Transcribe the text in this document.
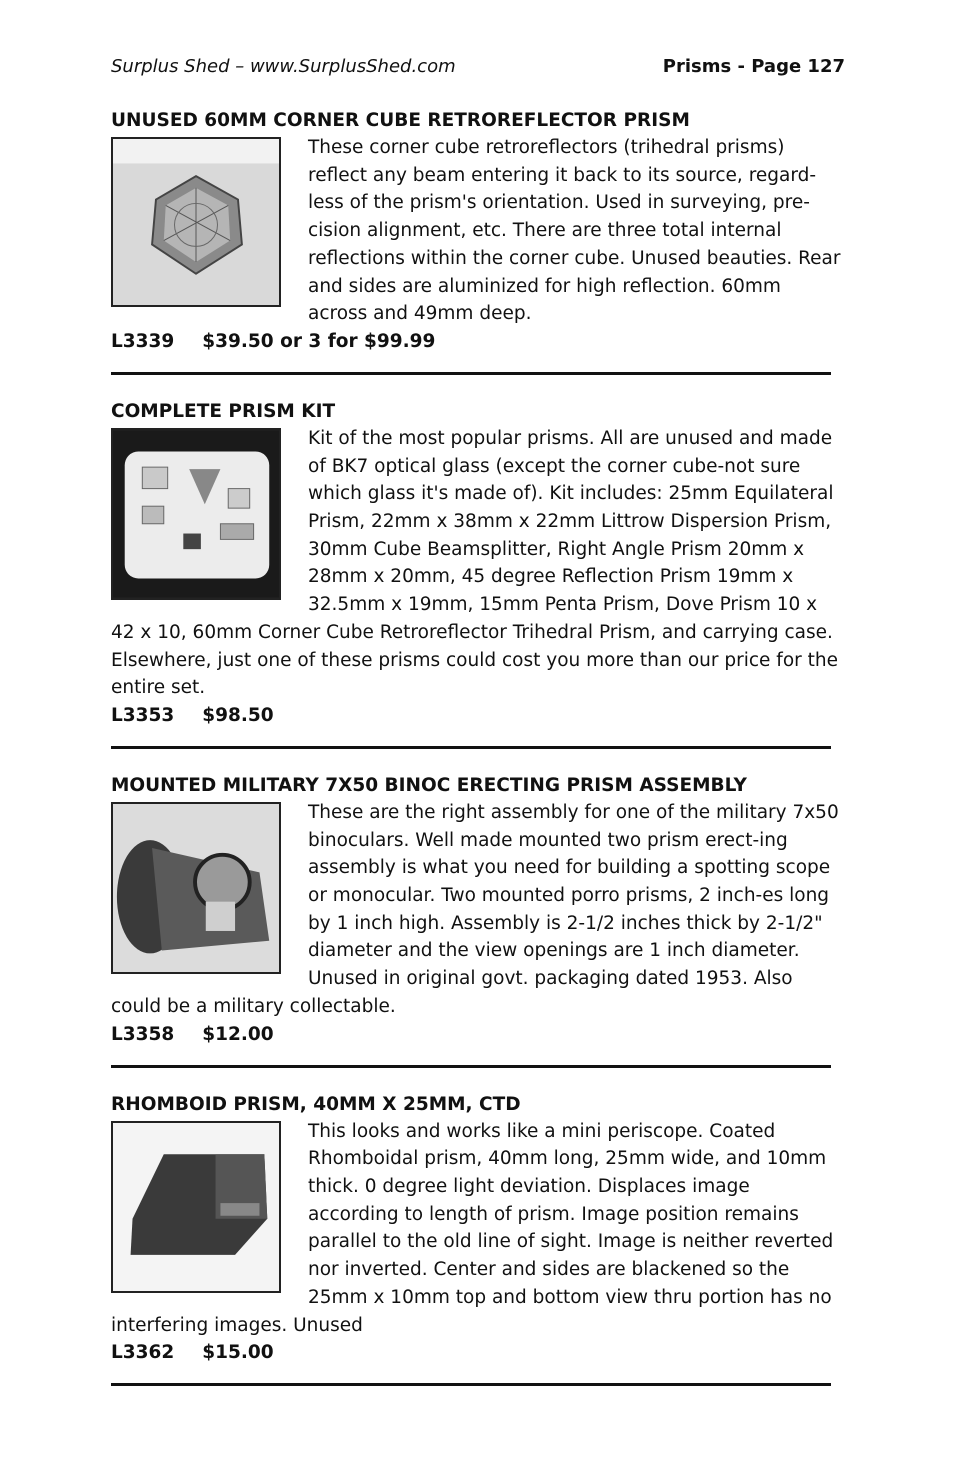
Surplus Shed – www.SurplusShed.com	Prisms - Page 127
UNUSED 60MM CORNER CUBE RETROREFLECTOR PRISM
These corner cube retroreflectors (trihedral prisms) reflect any beam entering it back to its source, regard-less of the prism's orientation. Used in surveying, pre-cision alignment, etc. There are three total internal reflections within the corner cube. Unused beauties. Rear and sides are aluminized for high reflection. 60mm across and 49mm deep.
L3339 $39.50 or 3 for $99.99
COMPLETE PRISM KIT
Kit of the most popular prisms. All are unused and made of BK7 optical glass (except the corner cube-not sure which glass it's made of). Kit includes: 25mm Equilateral Prism, 22mm x 38mm x 22mm Littrow Dispersion Prism, 30mm Cube Beamsplitter, Right Angle Prism 20mm x 28mm x 20mm, 45 degree Reflection Prism 19mm x 32.5mm x 19mm, 15mm Penta Prism, Dove Prism 10 x 42 x 10, 60mm Corner Cube Retroreflector Trihedral Prism, and carrying case. Elsewhere, just one of these prisms could cost you more than our price for the entire set.
L3353 $98.50
MOUNTED MILITARY 7X50 BINOC ERECTING PRISM ASSEMBLY
These are the right assembly for one of the military 7x50 binoculars. Well made mounted two prism erect-ing assembly is what you need for building a spotting scope or monocular. Two mounted porro prisms, 2 inch-es long by 1 inch high. Assembly is 2-1/2 inches thick by 2-1/2" diameter and the view openings are 1 inch diameter. Unused in original govt. packaging dated 1953. Also could be a military collectable.
L3358 $12.00
RHOMBOID PRISM, 40MM X 25MM, CTD
This looks and works like a mini periscope. Coated Rhomboidal prism, 40mm long, 25mm wide, and 10mm thick. 0 degree light deviation. Displaces image according to length of prism. Image position remains parallel to the old line of sight. Image is neither reverted nor inverted. Center and sides are blackened so the 25mm x 10mm top and bottom view thru portion has no interfering images. Unused
L3362 $15.00
